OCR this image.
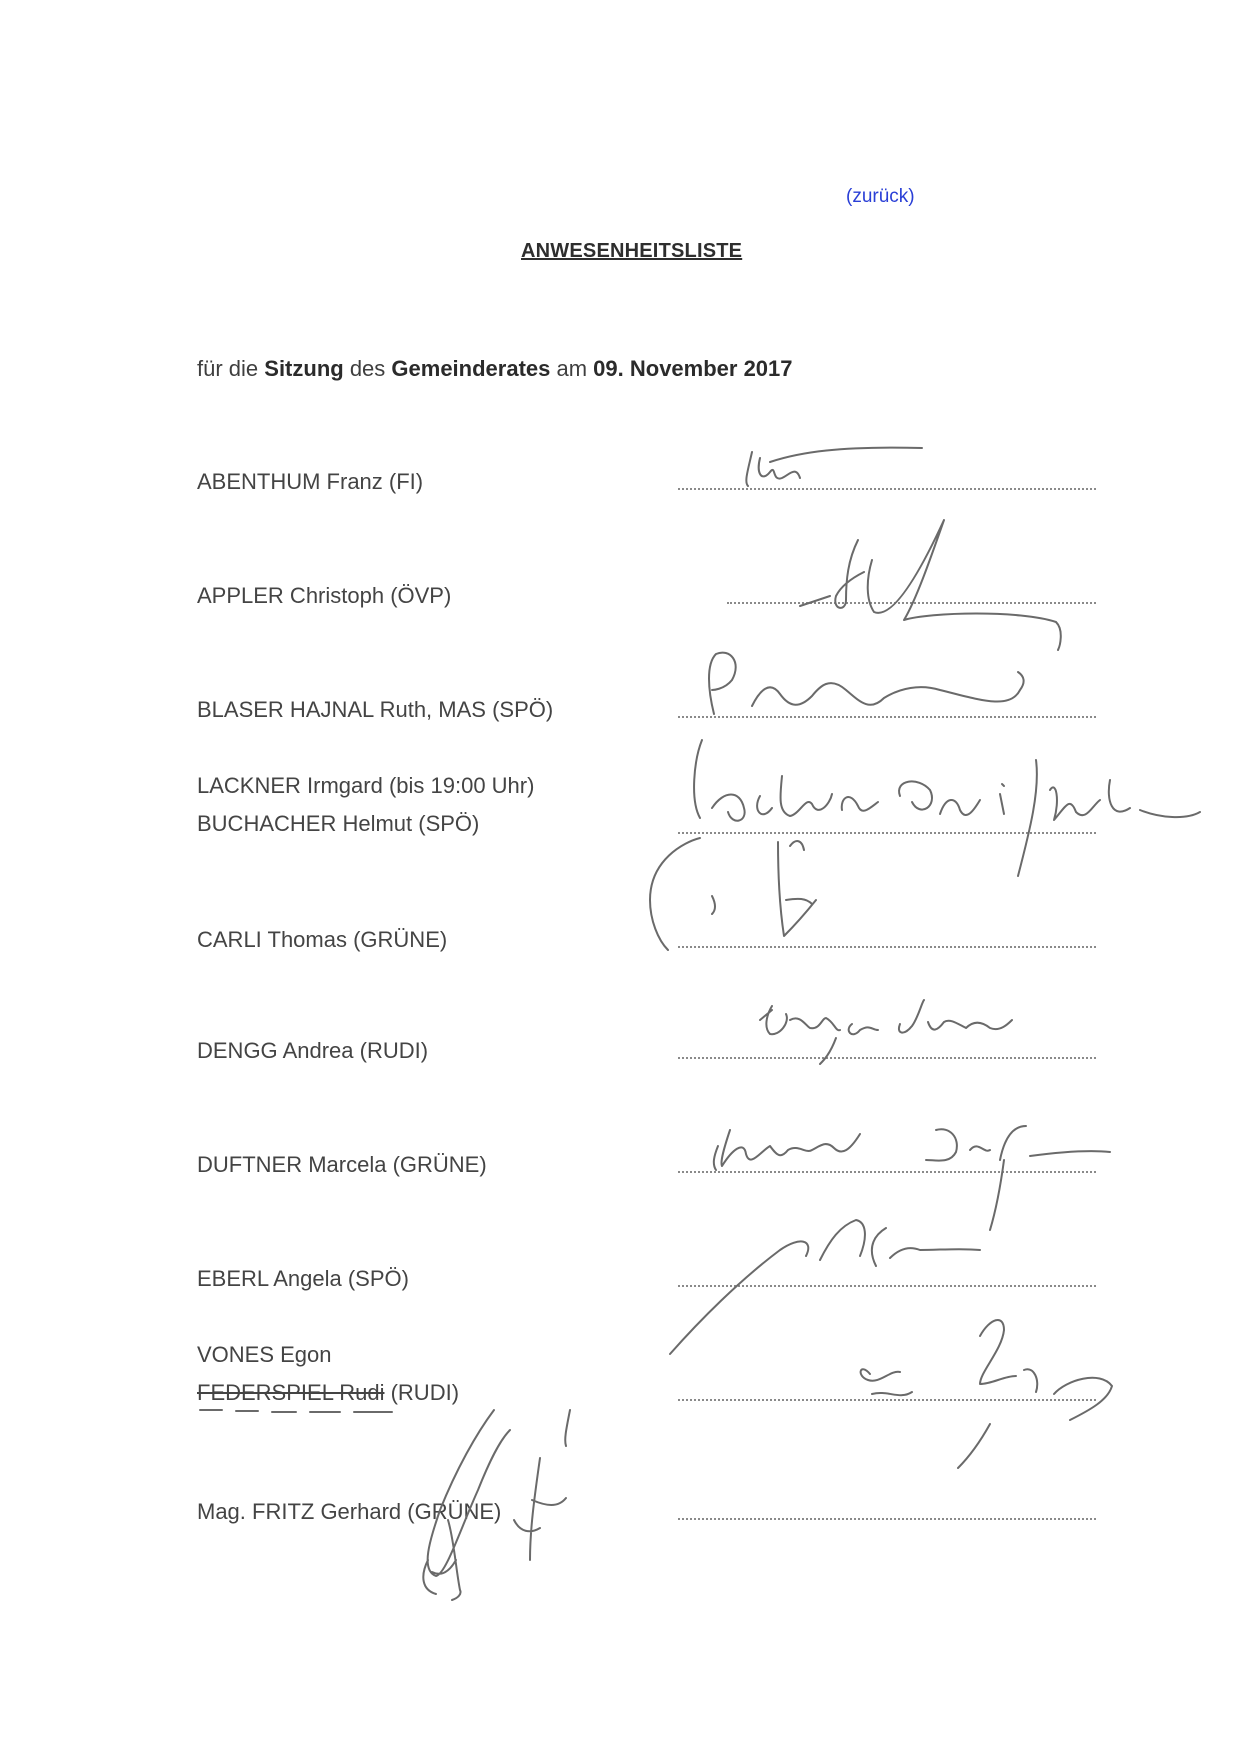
(zurück)
ANWESENHEITSLISTE
für die Sitzung des Gemeinderates am 09. November 2017
ABENTHUM Franz (FI)
APPLER Christoph (ÖVP)
BLASER HAJNAL Ruth, MAS (SPÖ)
LACKNER Irmgard (bis 19:00 Uhr)
BUCHACHER Helmut (SPÖ)
CARLI Thomas (GRÜNE)
DENGG Andrea (RUDI)
DUFTNER Marcela (GRÜNE)
EBERL Angela (SPÖ)
VONES Egon
FEDERSPIEL Rudi (RUDI)
Mag. FRITZ Gerhard (GRÜNE)
